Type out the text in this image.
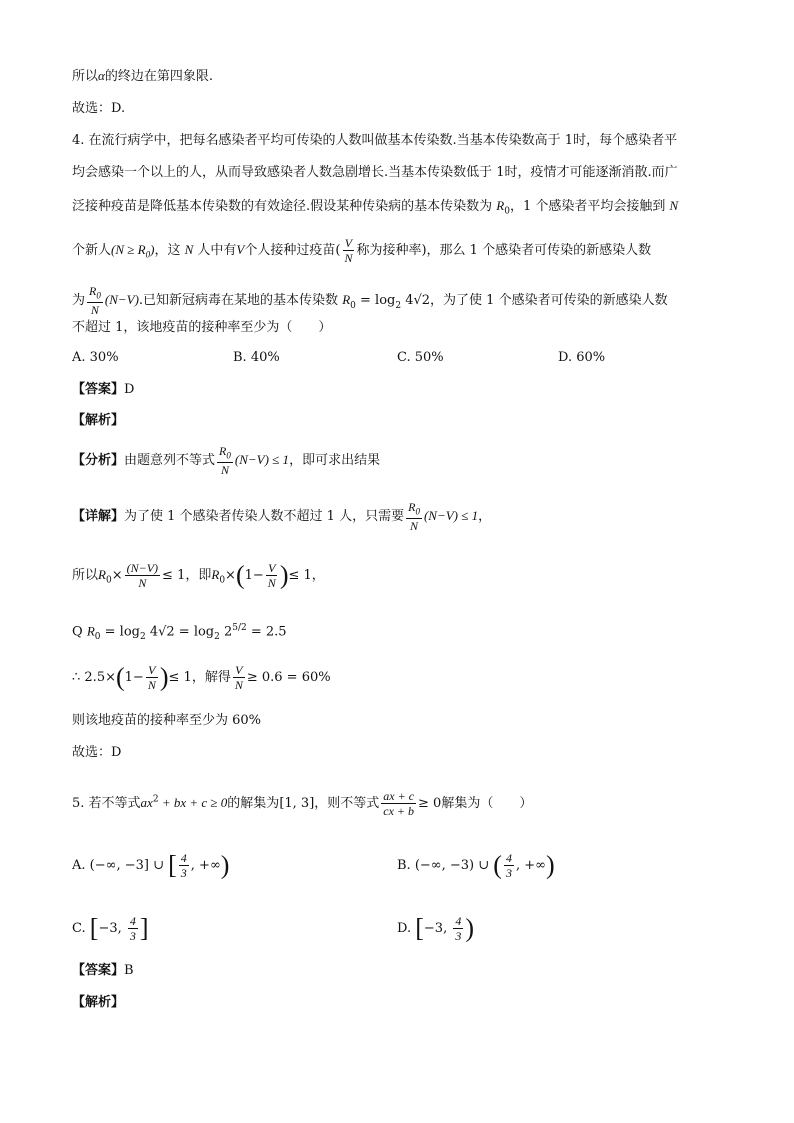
所以α的终边在第四象限.
故选：D.
4. 在流行病学中，把每名感染者平均可传染的人数叫做基本传染数.当基本传染数高于 1时，每个感染者平
均会感染一个以上的人，从而导致感染者人数急剧增长.当基本传染数低于 1时，疫情才可能逐渐消散.而广
泛接种疫苗是降低基本传染数的有效途径.假设某种传染病的基本传染数为 $R_0$，1 个感染者平均会接触到 N
个新人$(N \ge R_0)$，这 N 人中有V个人接种过疫苗( $\frac{V}{N}$ 称为接种率)，那么 1 个感染者可传染的新感染人数
为 $\frac{R_0}{N} (N-V)$.已知新冠病毒在某地的基本传染数 $R_0 = \log_2 4√2$，为了使 1 个感染者可传染的新感染人数
不超过 1，该地疫苗的接种率至少为（　　）
A. 30%	B. 40%	C. 50%	D. 60%
【答案】D
【解析】
【分析】由题意列不等式 $\frac{R_0}{N} (N-V) \le 1$，即可求出结果
【详解】为了使 1 个感染者传染人数不超过 1 人，只需要 $\frac{R_0}{N} (N-V) \le 1$，
所以$R_0\times \frac{(N-V)}{N} \le 1$，即$R_0\times(1- \frac{V}{N}$ )≤ 1，
Q $R_0 = \log_2 4√2 = \log_2 2^{5/2} = 2.5$
∴ $2.5\times(1- \frac{V}{N}$ )≤ 1，解得 $\frac{V}{N} \ge 0.6 = 60\%$
则该地疫苗的接种率至少为 60%
故选：D
5. 若不等式$ax^2$ + bx + c ≥ 0的解集为[1, 3]，则不等式 $\frac{ax + c}{cx + b} \ge 0$解集为（　　）
A. (−∞, −3] ∪ [ $\frac{4}{3}$ , +∞)	B. (−∞, −3) ∪ ( $\frac{4}{3}$ , +∞)
C. [−3, $\frac{4}{3}$ ]	D. [−3, $\frac{4}{3}$ )
【答案】B
【解析】
